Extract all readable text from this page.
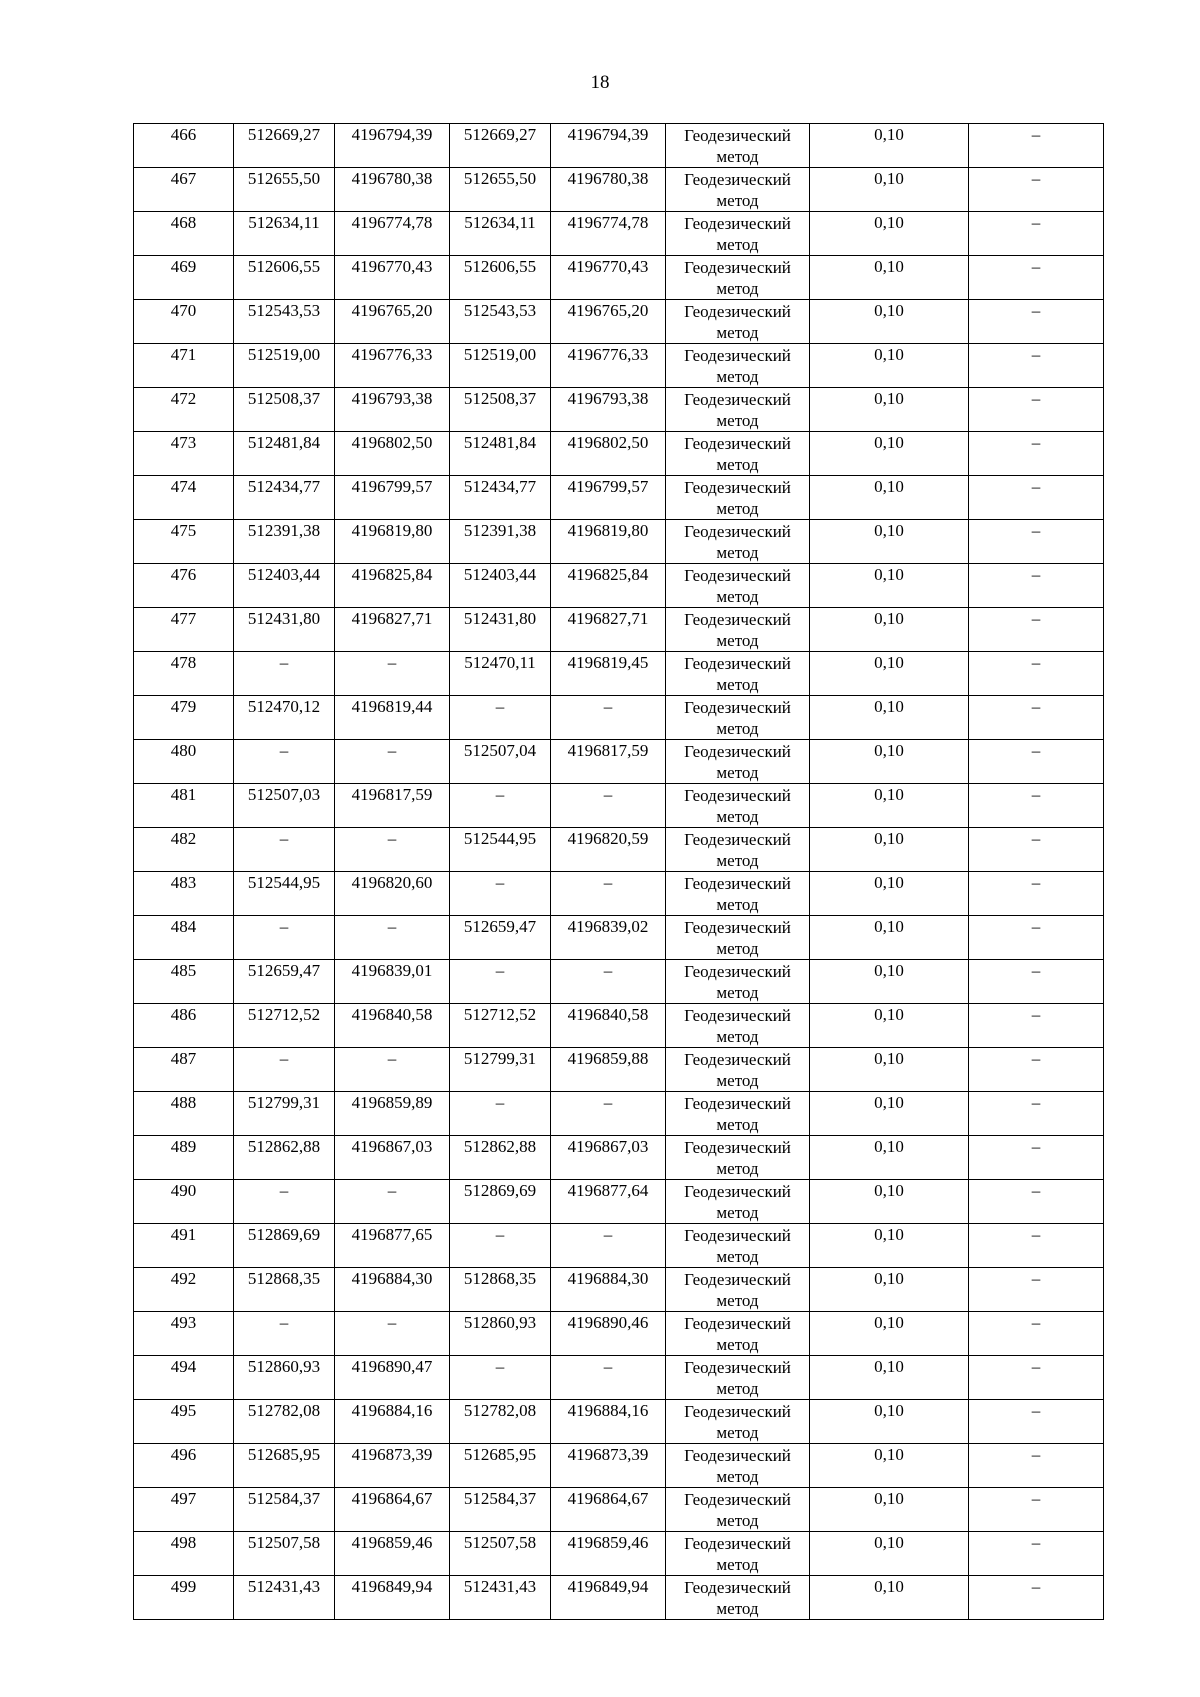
18
466	512669,27	4196794,39	512669,27	4196794,39	Геодезический метод	0,10	–

467	512655,50	4196780,38	512655,50	4196780,38	Геодезический метод	0,10	–

468	512634,11	4196774,78	512634,11	4196774,78	Геодезический метод	0,10	–

469	512606,55	4196770,43	512606,55	4196770,43	Геодезический метод	0,10	–

470	512543,53	4196765,20	512543,53	4196765,20	Геодезический метод	0,10	–

471	512519,00	4196776,33	512519,00	4196776,33	Геодезический метод	0,10	–

472	512508,37	4196793,38	512508,37	4196793,38	Геодезический метод	0,10	–

473	512481,84	4196802,50	512481,84	4196802,50	Геодезический метод	0,10	–

474	512434,77	4196799,57	512434,77	4196799,57	Геодезический метод	0,10	–

475	512391,38	4196819,80	512391,38	4196819,80	Геодезический метод	0,10	–

476	512403,44	4196825,84	512403,44	4196825,84	Геодезический метод	0,10	–

477	512431,80	4196827,71	512431,80	4196827,71	Геодезический метод	0,10	–

478	–	–	512470,11	4196819,45	Геодезический метод	0,10	–

479	512470,12	4196819,44	–	–	Геодезический метод	0,10	–

480	–	–	512507,04	4196817,59	Геодезический метод	0,10	–

481	512507,03	4196817,59	–	–	Геодезический метод	0,10	–

482	–	–	512544,95	4196820,59	Геодезический метод	0,10	–

483	512544,95	4196820,60	–	–	Геодезический метод	0,10	–

484	–	–	512659,47	4196839,02	Геодезический метод	0,10	–

485	512659,47	4196839,01	–	–	Геодезический метод	0,10	–

486	512712,52	4196840,58	512712,52	4196840,58	Геодезический метод	0,10	–

487	–	–	512799,31	4196859,88	Геодезический метод	0,10	–

488	512799,31	4196859,89	–	–	Геодезический метод	0,10	–

489	512862,88	4196867,03	512862,88	4196867,03	Геодезический метод	0,10	–

490	–	–	512869,69	4196877,64	Геодезический метод	0,10	–

491	512869,69	4196877,65	–	–	Геодезический метод	0,10	–

492	512868,35	4196884,30	512868,35	4196884,30	Геодезический метод	0,10	–

493	–	–	512860,93	4196890,46	Геодезический метод	0,10	–

494	512860,93	4196890,47	–	–	Геодезический метод	0,10	–

495	512782,08	4196884,16	512782,08	4196884,16	Геодезический метод	0,10	–

496	512685,95	4196873,39	512685,95	4196873,39	Геодезический метод	0,10	–

497	512584,37	4196864,67	512584,37	4196864,67	Геодезический метод	0,10	–

498	512507,58	4196859,46	512507,58	4196859,46	Геодезический метод	0,10	–

499	512431,43	4196849,94	512431,43	4196849,94	Геодезический метод	0,10	–
